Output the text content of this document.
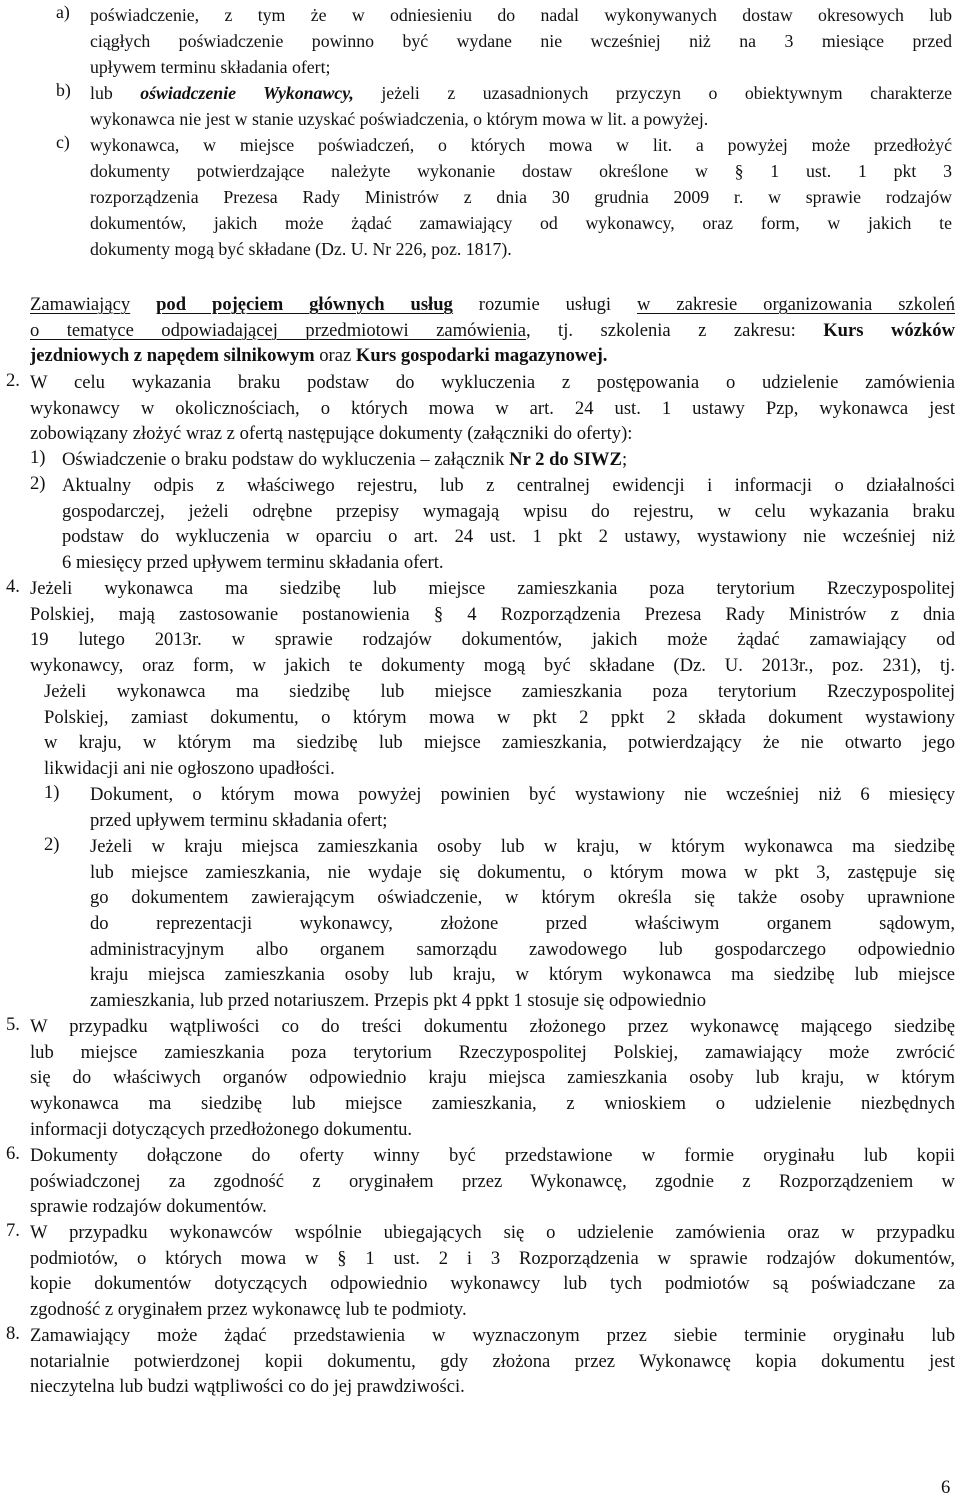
a) poświadczenie, z tym że w odniesieniu do nadal wykonywanych dostaw okresowych lub
ciągłych poświadczenie powinno być wydane nie wcześniej niż na 3 miesiące przed
upływem terminu składania ofert;
b) lub oświadczenie Wykonawcy, jeżeli z uzasadnionych przyczyn o obiektywnym charakterze
wykonawca nie jest w stanie uzyskać poświadczenia, o którym mowa w lit. a powyżej.
c) wykonawca, w miejsce poświadczeń, o których mowa w lit. a powyżej może przedłożyć
dokumenty potwierdzające należyte wykonanie dostaw określone w § 1 ust. 1 pkt 3
rozporządzenia Prezesa Rady Ministrów z dnia 30 grudnia 2009 r. w sprawie rodzajów
dokumentów, jakich może żądać zamawiający od wykonawcy, oraz form, w jakich te
dokumenty mogą być składane (Dz. U. Nr 226, poz. 1817).
Zamawiający pod pojęciem głównych usług rozumie usługi w zakresie organizowania szkoleń
o tematyce odpowiadającej przedmiotowi zamówienia, tj. szkolenia z zakresu: Kurs wózków
jezdniowych z napędem silnikowym oraz Kurs gospodarki magazynowej.
2. W celu wykazania braku podstaw do wykluczenia z postępowania o udzielenie zamówienia
wykonawcy w okolicznościach, o których mowa w art. 24 ust. 1 ustawy Pzp, wykonawca jest
zobowiązany złożyć wraz z ofertą następujące dokumenty (załączniki do oferty):
1) Oświadczenie o braku podstaw do wykluczenia – załącznik Nr 2 do SIWZ;
2) Aktualny odpis z właściwego rejestru, lub z centralnej ewidencji i informacji o działalności
gospodarczej, jeżeli odrębne przepisy wymagają wpisu do rejestru, w celu wykazania braku
podstaw do wykluczenia w oparciu o art. 24 ust. 1 pkt 2 ustawy, wystawiony nie wcześniej niż
6 miesięcy przed upływem terminu składania ofert.
4. Jeżeli wykonawca ma siedzibę lub miejsce zamieszkania poza terytorium Rzeczypospolitej
Polskiej, mają zastosowanie postanowienia § 4 Rozporządzenia Prezesa Rady Ministrów z dnia
19 lutego 2013r. w sprawie rodzajów dokumentów, jakich może żądać zamawiający od
wykonawcy, oraz form, w jakich te dokumenty mogą być składane (Dz. U. 2013r., poz. 231), tj.
Jeżeli wykonawca ma siedzibę lub miejsce zamieszkania poza terytorium Rzeczypospolitej
Polskiej, zamiast dokumentu, o którym mowa w pkt 2 ppkt 2 składa dokument wystawiony
w kraju, w którym ma siedzibę lub miejsce zamieszkania, potwierdzający że nie otwarto jego
likwidacji ani nie ogłoszono upadłości.
1) Dokument, o którym mowa powyżej powinien być wystawiony nie wcześniej niż 6 miesięcy
przed upływem terminu składania ofert;
2) Jeżeli w kraju miejsca zamieszkania osoby lub w kraju, w którym wykonawca ma siedzibę
lub miejsce zamieszkania, nie wydaje się dokumentu, o którym mowa w pkt 3, zastępuje się
go dokumentem zawierającym oświadczenie, w którym określa się także osoby uprawnione
do reprezentacji wykonawcy, złożone przed właściwym organem sądowym,
administracyjnym albo organem samorządu zawodowego lub gospodarczego odpowiednio
kraju miejsca zamieszkania osoby lub kraju, w którym wykonawca ma siedzibę lub miejsce
zamieszkania, lub przed notariuszem. Przepis pkt 4 ppkt 1 stosuje się odpowiednio
5. W przypadku wątpliwości co do treści dokumentu złożonego przez wykonawcę mającego siedzibę
lub miejsce zamieszkania poza terytorium Rzeczypospolitej Polskiej, zamawiający może zwrócić
się do właściwych organów odpowiednio kraju miejsca zamieszkania osoby lub kraju, w którym
wykonawca ma siedzibę lub miejsce zamieszkania, z wnioskiem o udzielenie niezbędnych
informacji dotyczących przedłożonego dokumentu.
6. Dokumenty dołączone do oferty winny być przedstawione w formie oryginału lub kopii
poświadczonej za zgodność z oryginałem przez Wykonawcę, zgodnie z Rozporządzeniem w
sprawie rodzajów dokumentów.
7. W przypadku wykonawców wspólnie ubiegających się o udzielenie zamówienia oraz w przypadku
podmiotów, o których mowa w § 1 ust. 2 i 3 Rozporządzenia w sprawie rodzajów dokumentów,
kopie dokumentów dotyczących odpowiednio wykonawcy lub tych podmiotów są poświadczane za
zgodność z oryginałem przez wykonawcę lub te podmioty.
8. Zamawiający może żądać przedstawienia w wyznaczonym przez siebie terminie oryginału lub
notarialnie potwierdzonej kopii dokumentu, gdy złożona przez Wykonawcę kopia dokumentu jest
nieczytelna lub budzi wątpliwości co do jej prawdziwości.
6
